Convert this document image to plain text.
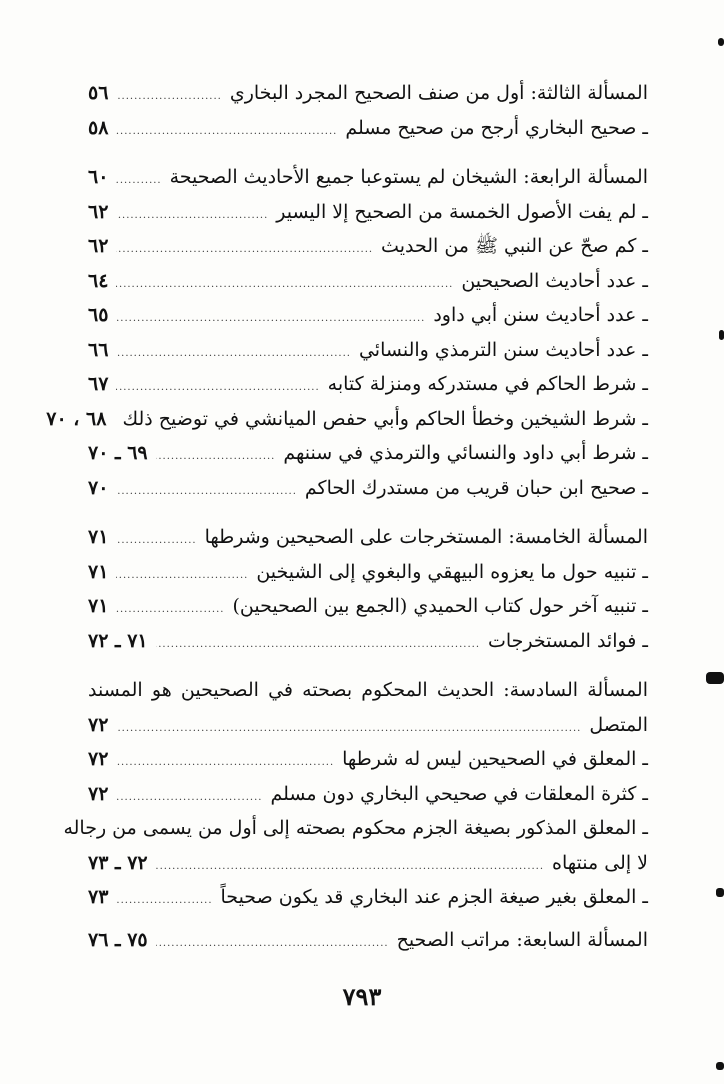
المسألة الثالثة: أول من صنف الصحيح المجرد البخاري
.....
٥٦
ـ صحيح البخاري أرجح من صحيح مسلم
.....
٥٨
المسألة الرابعة: الشيخان لم يستوعبا جميع الأحاديث الصحيحة
.....
٦٠
ـ لم يفت الأصول الخمسة من الصحيح إلا اليسير
.....
٦٢
ـ كم صحّ عن النبي ﷺ من الحديث
.....
٦٢
ـ عدد أحاديث الصحيحين
.....
٦٤
ـ عدد أحاديث سنن أبي داود
.....
٦٥
ـ عدد أحاديث سنن الترمذي والنسائي
.....
٦٦
ـ شرط الحاكم في مستدركه ومنزلة كتابه
.....
٦٧
ـ شرط الشيخين وخطأ الحاكم وأبي حفص الميانشي في توضيح ذلك
٦٨ ، ٧٠
ـ شرط أبي داود والنسائي والترمذي في سننهم
.....
٦٩ ـ ٧٠
ـ صحيح ابن حبان قريب من مستدرك الحاكم
.....
٧٠
المسألة الخامسة: المستخرجات على الصحيحين وشرطها
.....
٧١
ـ تنبيه حول ما يعزوه البيهقي والبغوي إلى الشيخين
.....
٧١
ـ تنبيه آخر حول كتاب الحميدي (الجمع بين الصحيحين)
.....
٧١
ـ فوائد المستخرجات
.....
٧١ ـ ٧٢
المسألة السادسة: الحديث المحكوم بصحته في الصحيحين هو المسند
المتصل
.....
٧٢
ـ المعلق في الصحيحين ليس له شرطها
.....
٧٢
ـ كثرة المعلقات في صحيحي البخاري دون مسلم
.....
٧٢
ـ المعلق المذكور بصيغة الجزم محكوم بصحته إلى أول من يسمى من رجاله
لا إلى منتهاه
.....
٧٢ ـ ٧٣
ـ المعلق بغير صيغة الجزم عند البخاري قد يكون صحيحاً
.....
٧٣
المسألة السابعة: مراتب الصحيح
.....
٧٥ ـ ٧٦
٧٩٣
